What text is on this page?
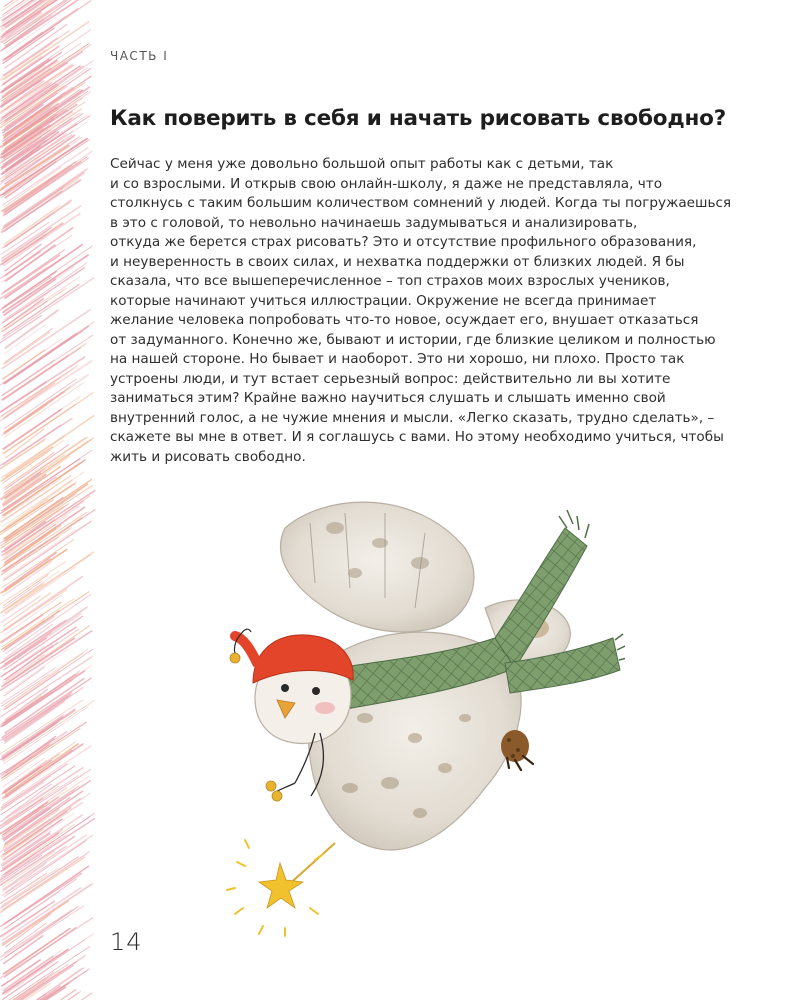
ЧАСТЬ I
Как поверить в себя и начать рисовать свободно?
Сейчас у меня уже довольно большой опыт работы как с детьми, так
и со взрослыми. И открыв свою онлайн-школу, я даже не представляла, что
столкнусь с таким большим количеством сомнений у людей. Когда ты погружаешься
в это с головой, то невольно начинаешь задумываться и анализировать,
откуда же берется страх рисовать? Это и отсутствие профильного образования,
и неуверенность в своих силах, и нехватка поддержки от близких людей. Я бы
сказала, что все вышеперечисленное – топ страхов моих взрослых учеников,
которые начинают учиться иллюстрации. Окружение не всегда принимает
желание человека попробовать что-то новое, осуждает его, внушает отказаться
от задуманного. Конечно же, бывают и истории, где близкие целиком и полностью
на нашей стороне. Но бывает и наоборот. Это ни хорошо, ни плохо. Просто так
устроены люди, и тут встает серьезный вопрос: действительно ли вы хотите
заниматься этим? Крайне важно научиться слушать и слышать именно свой
внутренний голос, а не чужие мнения и мысли. «Легко сказать, трудно сделать», –
скажете вы мне в ответ. И я соглашусь с вами. Но этому необходимо учиться, чтобы
жить и рисовать свободно.
14
